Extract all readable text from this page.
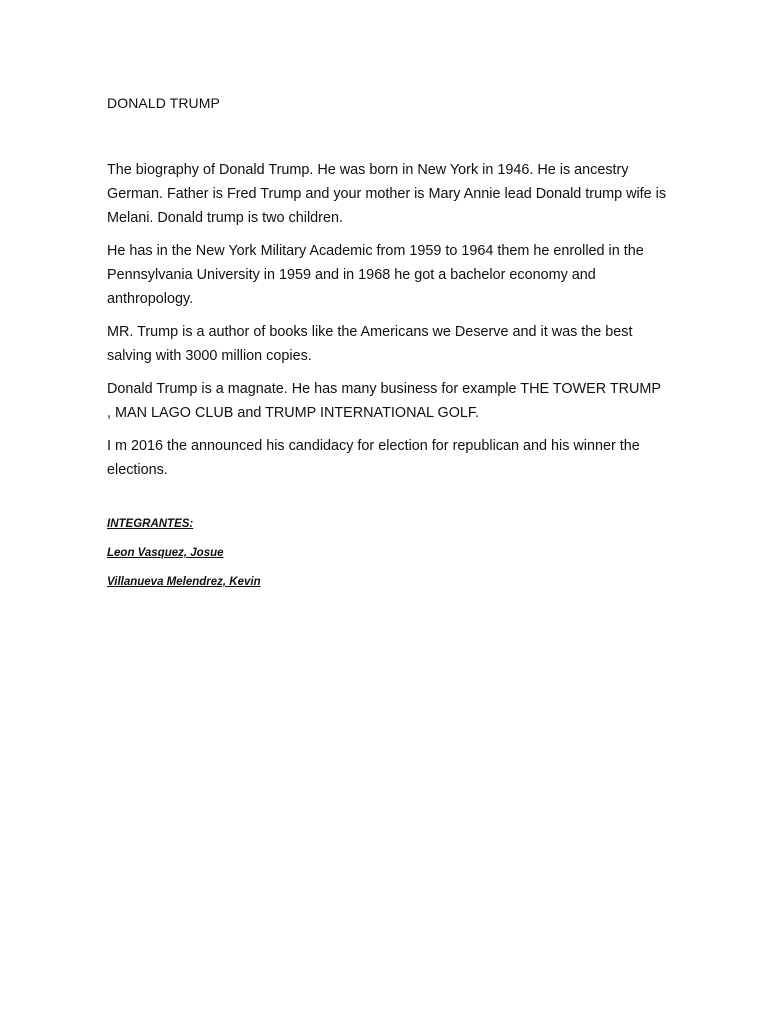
DONALD TRUMP

The biography of Donald Trump. He was born in New York in 1946. He is ancestry German. Father is Fred Trump and your mother is Mary Annie lead Donald trump wife is Melani. Donald trump is two children.

He has in the New York Military Academic from 1959 to 1964 them he enrolled in the Pennsylvania University in 1959 and in 1968 he got a bachelor economy and anthropology.

MR. Trump is a author of books like the Americans we Deserve and it was the best salving with 3000 million copies.

Donald Trump is a magnate. He has many business for example THE TOWER TRUMP , MAN LAGO CLUB and TRUMP INTERNATIONAL GOLF.

I m 2016 the announced his candidacy for election for republican and his winner the elections.

INTEGRANTES:

Leon Vasquez, Josue

Villanueva Melendrez, Kevin
